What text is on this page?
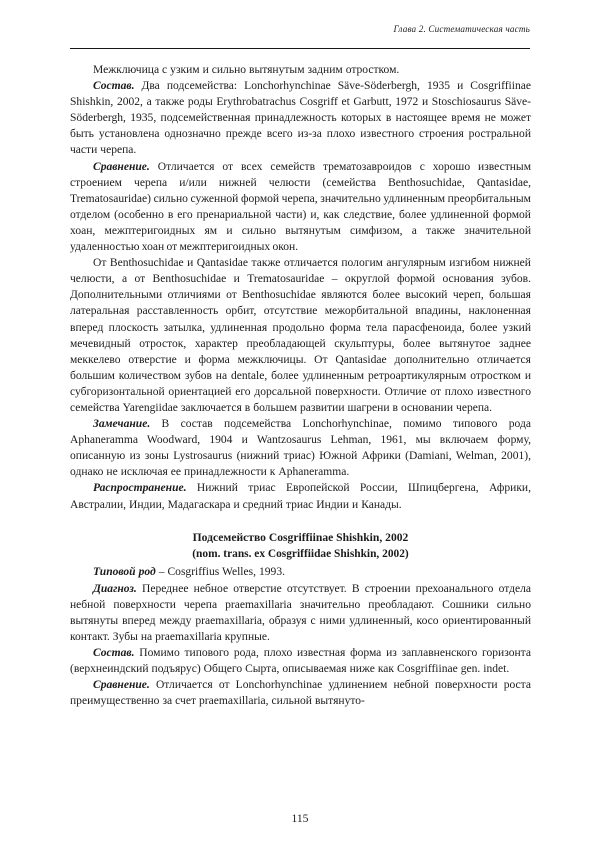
Глава 2. Систематическая часть

Межключица с узким и сильно вытянутым задним отростком.

Состав. Два подсемейства: Lonchorhynchinae Säve-Söderbergh, 1935 и Cosgriffiinae Shishkin, 2002, а также роды Erythrobatrachus Cosgriff et Garbutt, 1972 и Stoschiosaurus Säve-Söderbergh, 1935, подсемейственная принадлежность которых в настоящее время не может быть установлена однозначно прежде всего из-за плохо известного строения ростральной части черепа.

Сравнение. Отличается от всех семейств трематозавроидов с хорошо известным строением черепа и/или нижней челюсти (семейства Benthosuchidae, Qantasidae, Trematosauridae) сильно суженной формой черепа, значительно удлиненным преорбитальным отделом (особенно в его пренариальной части) и, как следствие, более удлиненной формой хоан, межптеригоидных ям и сильно вытянутым симфизом, а также значительной удаленностью хоан от межптеригоидных окон.

От Benthosuchidae и Qantasidae также отличается пологим ангулярным изгибом нижней челюсти, а от Benthosuchidae и Trematosauridae – округлой формой основания зубов. Дополнительными отличиями от Benthosuchidae являются более высокий череп, большая латеральная расставленность орбит, отсутствие межорбитальной впадины, наклоненная вперед плоскость затылка, удлиненная продольно форма тела парасфеноида, более узкий мечевидный отросток, характер преобладающей скульптуры, более вытянутое заднее меккелево отверстие и форма межключицы. От Qantasidae дополнительно отличается большим количеством зубов на dentale, более удлиненным ретроартикулярным отростком и субгоризонтальной ориентацией его дорсальной поверхности. Отличие от плохо известного семейства Yarengiidae заключается в большем развитии шагрени в основании черепа.

Замечание. В состав подсемейства Lonchorhynchinae, помимо типового рода Aphaneramma Woodward, 1904 и Wantzosaurus Lehman, 1961, мы включаем форму, описанную из зоны Lystrosaurus (нижний триас) Южной Африки (Damiani, Welman, 2001), однако не исключая ее принадлежности к Aphaneramma.

Распространение. Нижний триас Европейской России, Шпицбергена, Африки, Австралии, Индии, Мадагаскара и средний триас Индии и Канады.

Подсемейство Cosgriffiinae Shishkin, 2002

(nom. trans. ex Cosgriffiidae Shishkin, 2002)

Типовой род – Cosgriffius Welles, 1993.

Диагноз. Переднее небное отверстие отсутствует. В строении прехоанального отдела небной поверхности черепа praemaxillaria значительно преобладают. Сошники сильно вытянуты вперед между praemaxillaria, образуя с ними удлиненный, косо ориентированный контакт. Зубы на praemaxillaria крупные.

Состав. Помимо типового рода, плохо известная форма из заплавненского горизонта (верхнеиндский подъярус) Общего Сырта, описываемая ниже как Cosgriffiinae gen. indet.

Сравнение. Отличается от Lonchorhynchinae удлинением небной поверхности роста преимущественно за счет praemaxillaria, сильной вытянуто-

115
